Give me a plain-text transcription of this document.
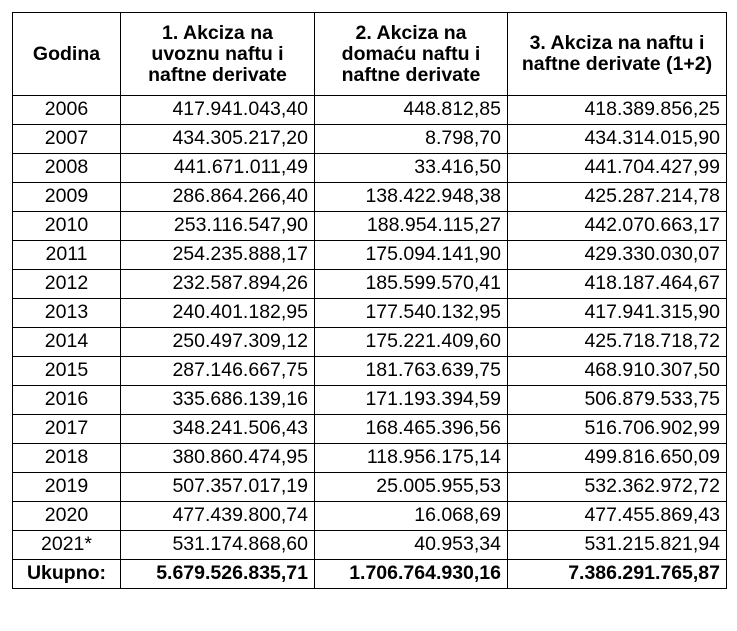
Godina	1. Akciza na uvoznu naftu i naftne derivate	2. Akciza na domaću naftu i naftne derivate	3. Akciza na naftu i naftne derivate (1+2)
2006	417.941.043,40	448.812,85	418.389.856,25
2007	434.305.217,20	8.798,70	434.314.015,90
2008	441.671.011,49	33.416,50	441.704.427,99
2009	286.864.266,40	138.422.948,38	425.287.214,78
2010	253.116.547,90	188.954.115,27	442.070.663,17
2011	254.235.888,17	175.094.141,90	429.330.030,07
2012	232.587.894,26	185.599.570,41	418.187.464,67
2013	240.401.182,95	177.540.132,95	417.941.315,90
2014	250.497.309,12	175.221.409,60	425.718.718,72
2015	287.146.667,75	181.763.639,75	468.910.307,50
2016	335.686.139,16	171.193.394,59	506.879.533,75
2017	348.241.506,43	168.465.396,56	516.706.902,99
2018	380.860.474,95	118.956.175,14	499.816.650,09
2019	507.357.017,19	25.005.955,53	532.362.972,72
2020	477.439.800,74	16.068,69	477.455.869,43
2021*	531.174.868,60	40.953,34	531.215.821,94
Ukupno:	5.679.526.835,71	1.706.764.930,16	7.386.291.765,87
